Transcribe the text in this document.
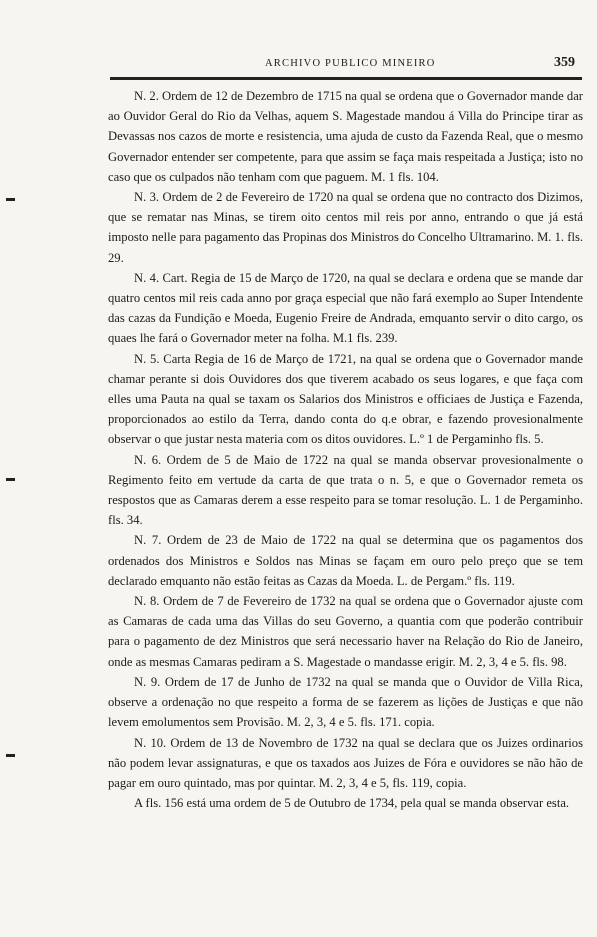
ARCHIVO PUBLICO MINEIRO	359

N. 2. Ordem de 12 de Dezembro de 1715 na qual se ordena que o Governador mande dar ao Ouvidor Geral do Rio da Velhas, aquem S. Magestade mandou á Villa do Principe tirar as Devassas nos cazos de morte e resistencia, uma ajuda de custo da Fazenda Real, que o mesmo Governador entender ser competente, para que assim se faça mais respeitada a Justiça; isto no caso que os culpados não tenham com que paguem. M. 1 fls. 104.

N. 3. Ordem de 2 de Fevereiro de 1720 na qual se ordena que no contracto dos Dizimos, que se rematar nas Minas, se tirem oito centos mil reis por anno, entrando o que já está imposto nelle para pagamento das Propinas dos Ministros do Concelho Ultramarino. M. 1. fls. 29.

N. 4. Cart. Regia de 15 de Março de 1720, na qual se declara e ordena que se mande dar quatro centos mil reis cada anno por graça especial que não fará exemplo ao Super Intendente das cazas da Fundição e Moeda, Eugenio Freire de Andrada, emquanto servir o dito cargo, os quaes lhe fará o Governador meter na folha. M.1 fls. 239.

N. 5. Carta Regia de 16 de Março de 1721, na qual se ordena que o Governador mande chamar perante si dois Ouvidores dos que tiverem acabado os seus logares, e que faça com elles uma Pauta na qual se taxam os Salarios dos Ministros e officiaes de Justiça e Fazenda, proporcionados ao estilo da Terra, dando conta do q.e obrar, e fazendo provesionalmente observar o que justar nesta materia com os ditos ouvidores. L.º 1 de Pergaminho fls. 5.

N. 6. Ordem de 5 de Maio de 1722 na qual se manda observar provesionalmente o Regimento feito em vertude da carta de que trata o n. 5, e que o Governador remeta os respostos que as Camaras derem a esse respeito para se tomar resolução. L. 1 de Pergaminho. fls. 34.

N. 7. Ordem de 23 de Maio de 1722 na qual se determina que os pagamentos dos ordenados dos Ministros e Soldos nas Minas se façam em ouro pelo preço que se tem declarado emquanto não estão feitas as Cazas da Moeda. L. de Pergam.º fls. 119.

N. 8. Ordem de 7 de Fevereiro de 1732 na qual se ordena que o Governador ajuste com as Camaras de cada uma das Villas do seu Governo, a quantia com que poderão contribuir para o pagamento de dez Ministros que será necessario haver na Relação do Rio de Janeiro, onde as mesmas Camaras pediram a S. Magestade o mandasse erigir. M. 2, 3, 4 e 5. fls. 98.

N. 9. Ordem de 17 de Junho de 1732 na qual se manda que o Ouvidor de Villa Rica, observe a ordenação no que respeito a forma de se fazerem as lições de Justiças e que não levem emolumentos sem Provisão. M. 2, 3, 4 e 5. fls. 171. copia.

N. 10. Ordem de 13 de Novembro de 1732 na qual se declara que os Juizes ordinarios não podem levar assignaturas, e que os taxados aos Juizes de Fóra e ouvidores se não hão de pagar em ouro quintado, mas por quintar. M. 2, 3, 4 e 5, fls. 119, copia.

A fls. 156 está uma ordem de 5 de Outubro de 1734, pela qual se manda observar esta.
